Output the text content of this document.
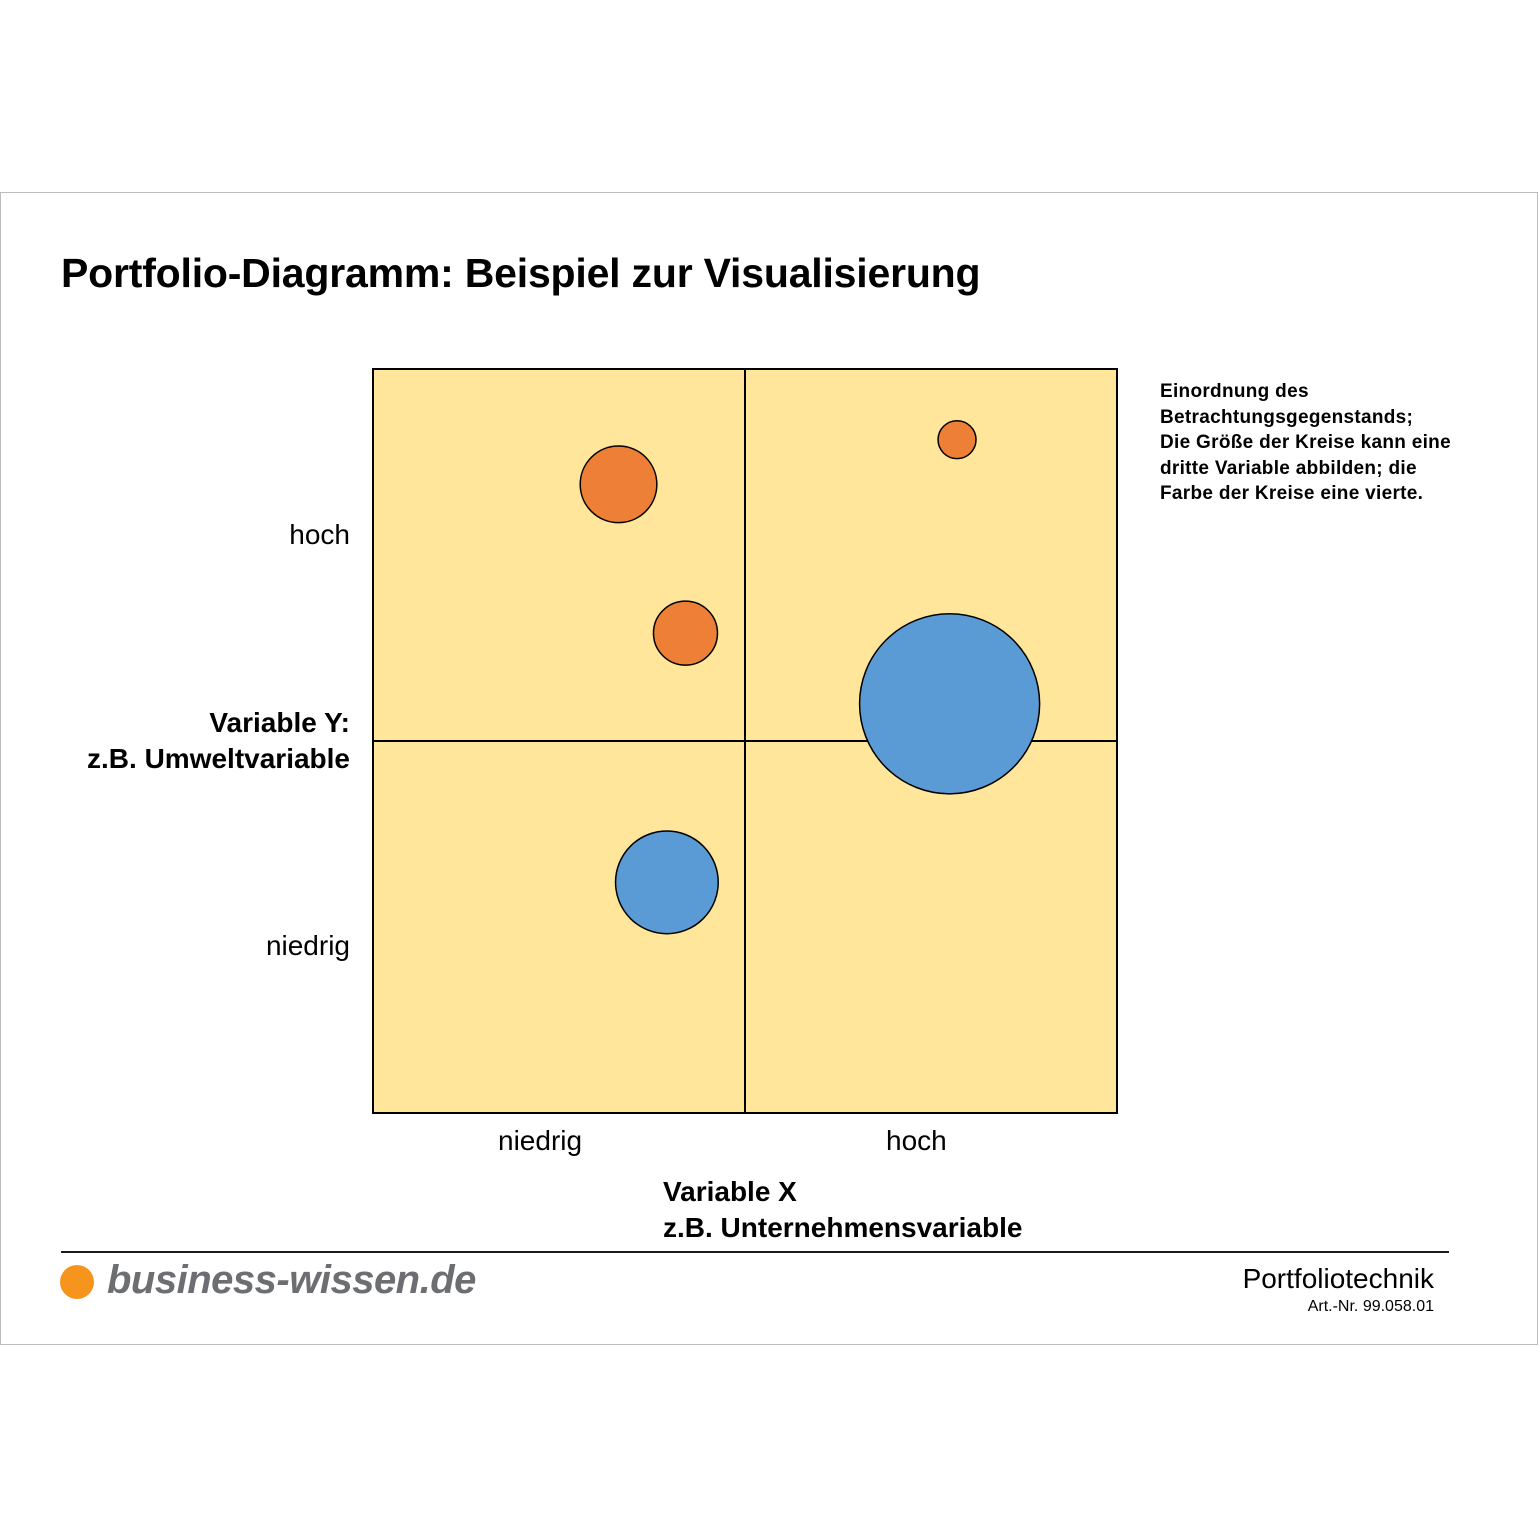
Portfolio-Diagramm: Beispiel zur Visualisierung
hoch
Variable Y:
z.B. Umweltvariable
niedrig
niedrig	hoch
Variable X
z.B. Unternehmensvariable
Einordnung des
Betrachtungsgegenstands;
Die Größe der Kreise kann eine
dritte Variable abbilden; die
Farbe der Kreise eine vierte.
business-wissen.de	Portfoliotechnik
Art.-Nr. 99.058.01
